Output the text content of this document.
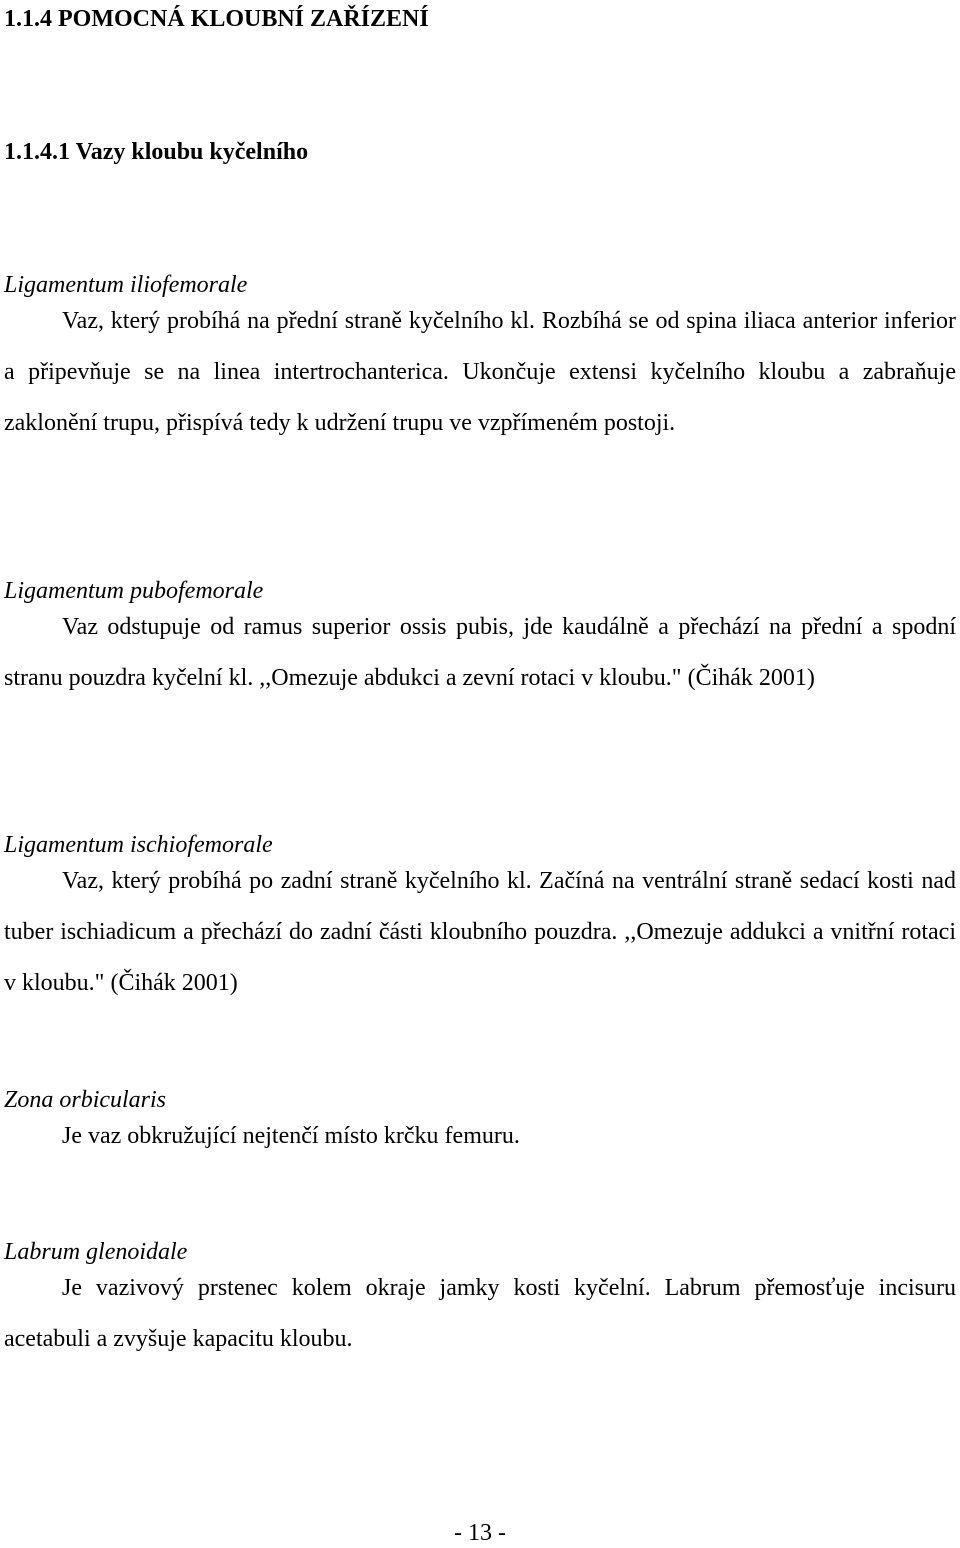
1.1.4 POMOCNÁ KLOUBNÍ ZAŘÍZENÍ
1.1.4.1 Vazy kloubu kyčelního

Ligamentum iliofemorale

Vaz, který probíhá na přední straně kyčelního kl. Rozbíhá se od spina iliaca anterior inferior a připevňuje se na linea intertrochanterica. Ukončuje extensi kyčelního kloubu a zabraňuje zaklonění trupu, přispívá tedy k udržení trupu ve vzpřímeném postoji.

Ligamentum pubofemorale

Vaz odstupuje od ramus superior ossis pubis, jde kaudálně a přechází na přední a spodní stranu pouzdra kyčelní kl. ,,Omezuje abdukci a zevní rotaci v kloubu." (Čihák 2001)

Ligamentum ischiofemorale

Vaz, který probíhá po zadní straně kyčelního kl. Začíná na ventrální straně sedací kosti nad tuber ischiadicum a přechází do zadní části kloubního pouzdra. ,,Omezuje addukci a vnitřní rotaci v kloubu." (Čihák 2001)

Zona orbicularis

Je vaz obkružující nejtenčí místo krčku femuru.

Labrum glenoidale

Je vazivový prstenec kolem okraje jamky kosti kyčelní. Labrum přemosťuje incisuru acetabuli a zvyšuje kapacitu kloubu.

- 13 -
